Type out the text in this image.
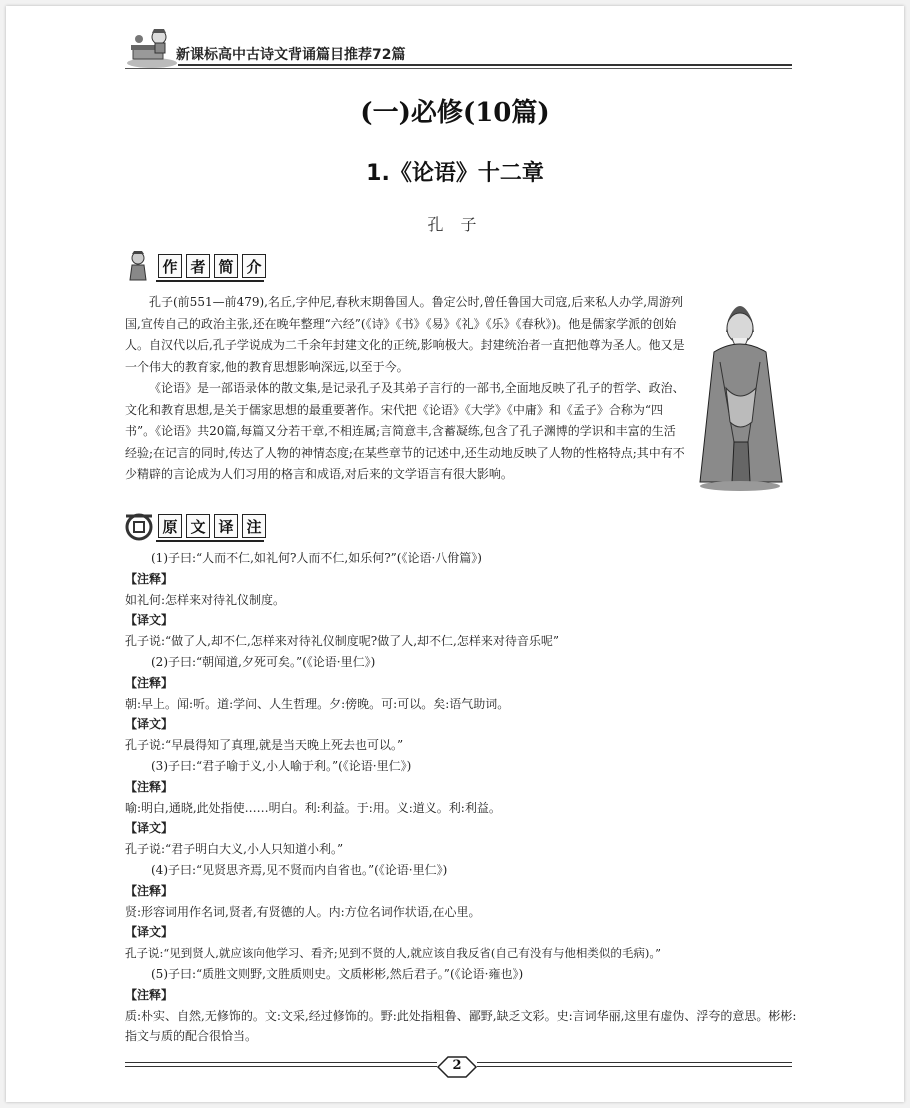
新课标高中古诗文背诵篇目推荐72篇
(一)必修(10篇)
1.《论语》十二章
孔 子
作 者 简 介

孔子(前551—前479),名丘,字仲尼,春秋末期鲁国人。鲁定公时,曾任鲁国大司寇,后来私人办学,周游列国,宣传自己的政治主张,还在晚年整理“六经”(《诗》《书》《易》《礼》《乐》《春秋》)。他是儒家学派的创始人。自汉代以后,孔子学说成为二千余年封建文化的正统,影响极大。封建统治者一直把他尊为圣人。他又是一个伟大的教育家,他的教育思想影响深远,以至于今。

《论语》是一部语录体的散文集,是记录孔子及其弟子言行的一部书,全面地反映了孔子的哲学、政治、文化和教育思想,是关于儒家思想的最重要著作。宋代把《论语》《大学》《中庸》和《孟子》合称为“四书”。《论语》共20篇,每篇又分若干章,不相连属;言简意丰,含蓄凝练,包含了孔子渊博的学识和丰富的生活经验;在记言的同时,传达了人物的神情态度;在某些章节的记述中,还生动地反映了人物的性格特点;其中有不少精辟的言论成为人们习用的格言和成语,对后来的文学语言有很大影响。

原 文 译 注
(1)子曰:“人而不仁,如礼何?人而不仁,如乐何?”(《论语·八佾篇》)
【注释】
如礼何:怎样来对待礼仪制度。
【译文】
孔子说:“做了人,却不仁,怎样来对待礼仪制度呢?做了人,却不仁,怎样来对待音乐呢”
(2)子曰:“朝闻道,夕死可矣。”(《论语·里仁》)
【注释】
朝:早上。闻:听。道:学问、人生哲理。夕:傍晚。可:可以。矣:语气助词。
【译文】
孔子说:“早晨得知了真理,就是当天晚上死去也可以。”
(3)子曰:“君子喻于义,小人喻于利。”(《论语·里仁》)
【注释】
喻:明白,通晓,此处指使……明白。利:利益。于:用。义:道义。利:利益。
【译文】
孔子说:“君子明白大义,小人只知道小利。”
(4)子曰:“见贤思齐焉,见不贤而内自省也。”(《论语·里仁》)
【注释】
贤:形容词用作名词,贤者,有贤德的人。内:方位名词作状语,在心里。
【译文】
孔子说:“见到贤人,就应该向他学习、看齐;见到不贤的人,就应该自我反省(自己有没有与他相类似的毛病)。”
(5)子曰:“质胜文则野,文胜质则史。文质彬彬,然后君子。”(《论语·雍也》)
【注释】
质:朴实、自然,无修饰的。文:文采,经过修饰的。野:此处指粗鲁、鄙野,缺乏文彩。史:言词华丽,这里有虚伪、浮夸的意思。彬彬:指文与质的配合很恰当。
2
